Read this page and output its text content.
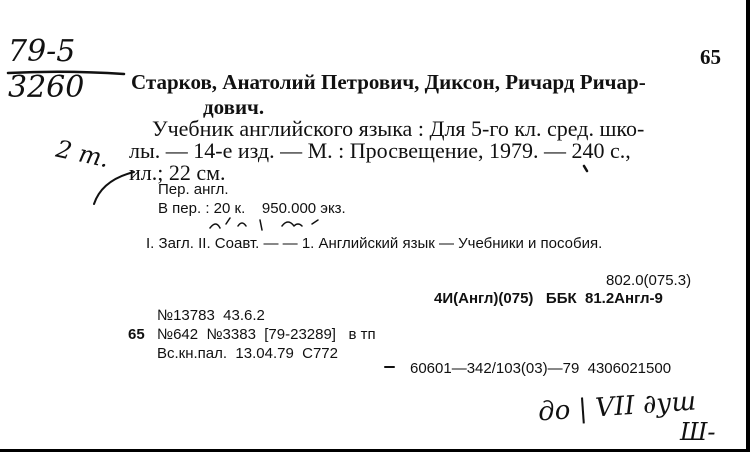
79-5
3260
65
Старков, Анатолий Петрович, Диксон, Ричард Ричар-
дович.
Учебник английского языка : Для 5-го кл. сред. шко-
лы. — 14-е изд. — М. : Просвещение, 1979. — 240 с.,
ил.; 22 см.
2 т.
Пер. англ.
В пер. : 20 к.    950.000 экз.
I. Загл. II. Соавт. — — 1. Английский язык — Учебники и пособия.
802.0(075.3)
4И(Англ)(075)   ББК  81.2Англ-9
№13783  43.6.2
65 №642  №3383  [79-23289]   в тп
Вс.кн.пал.  13.04.79  С772
60601—342/103(03)—79  4306021500
до | VII ∂уш
Ш-
